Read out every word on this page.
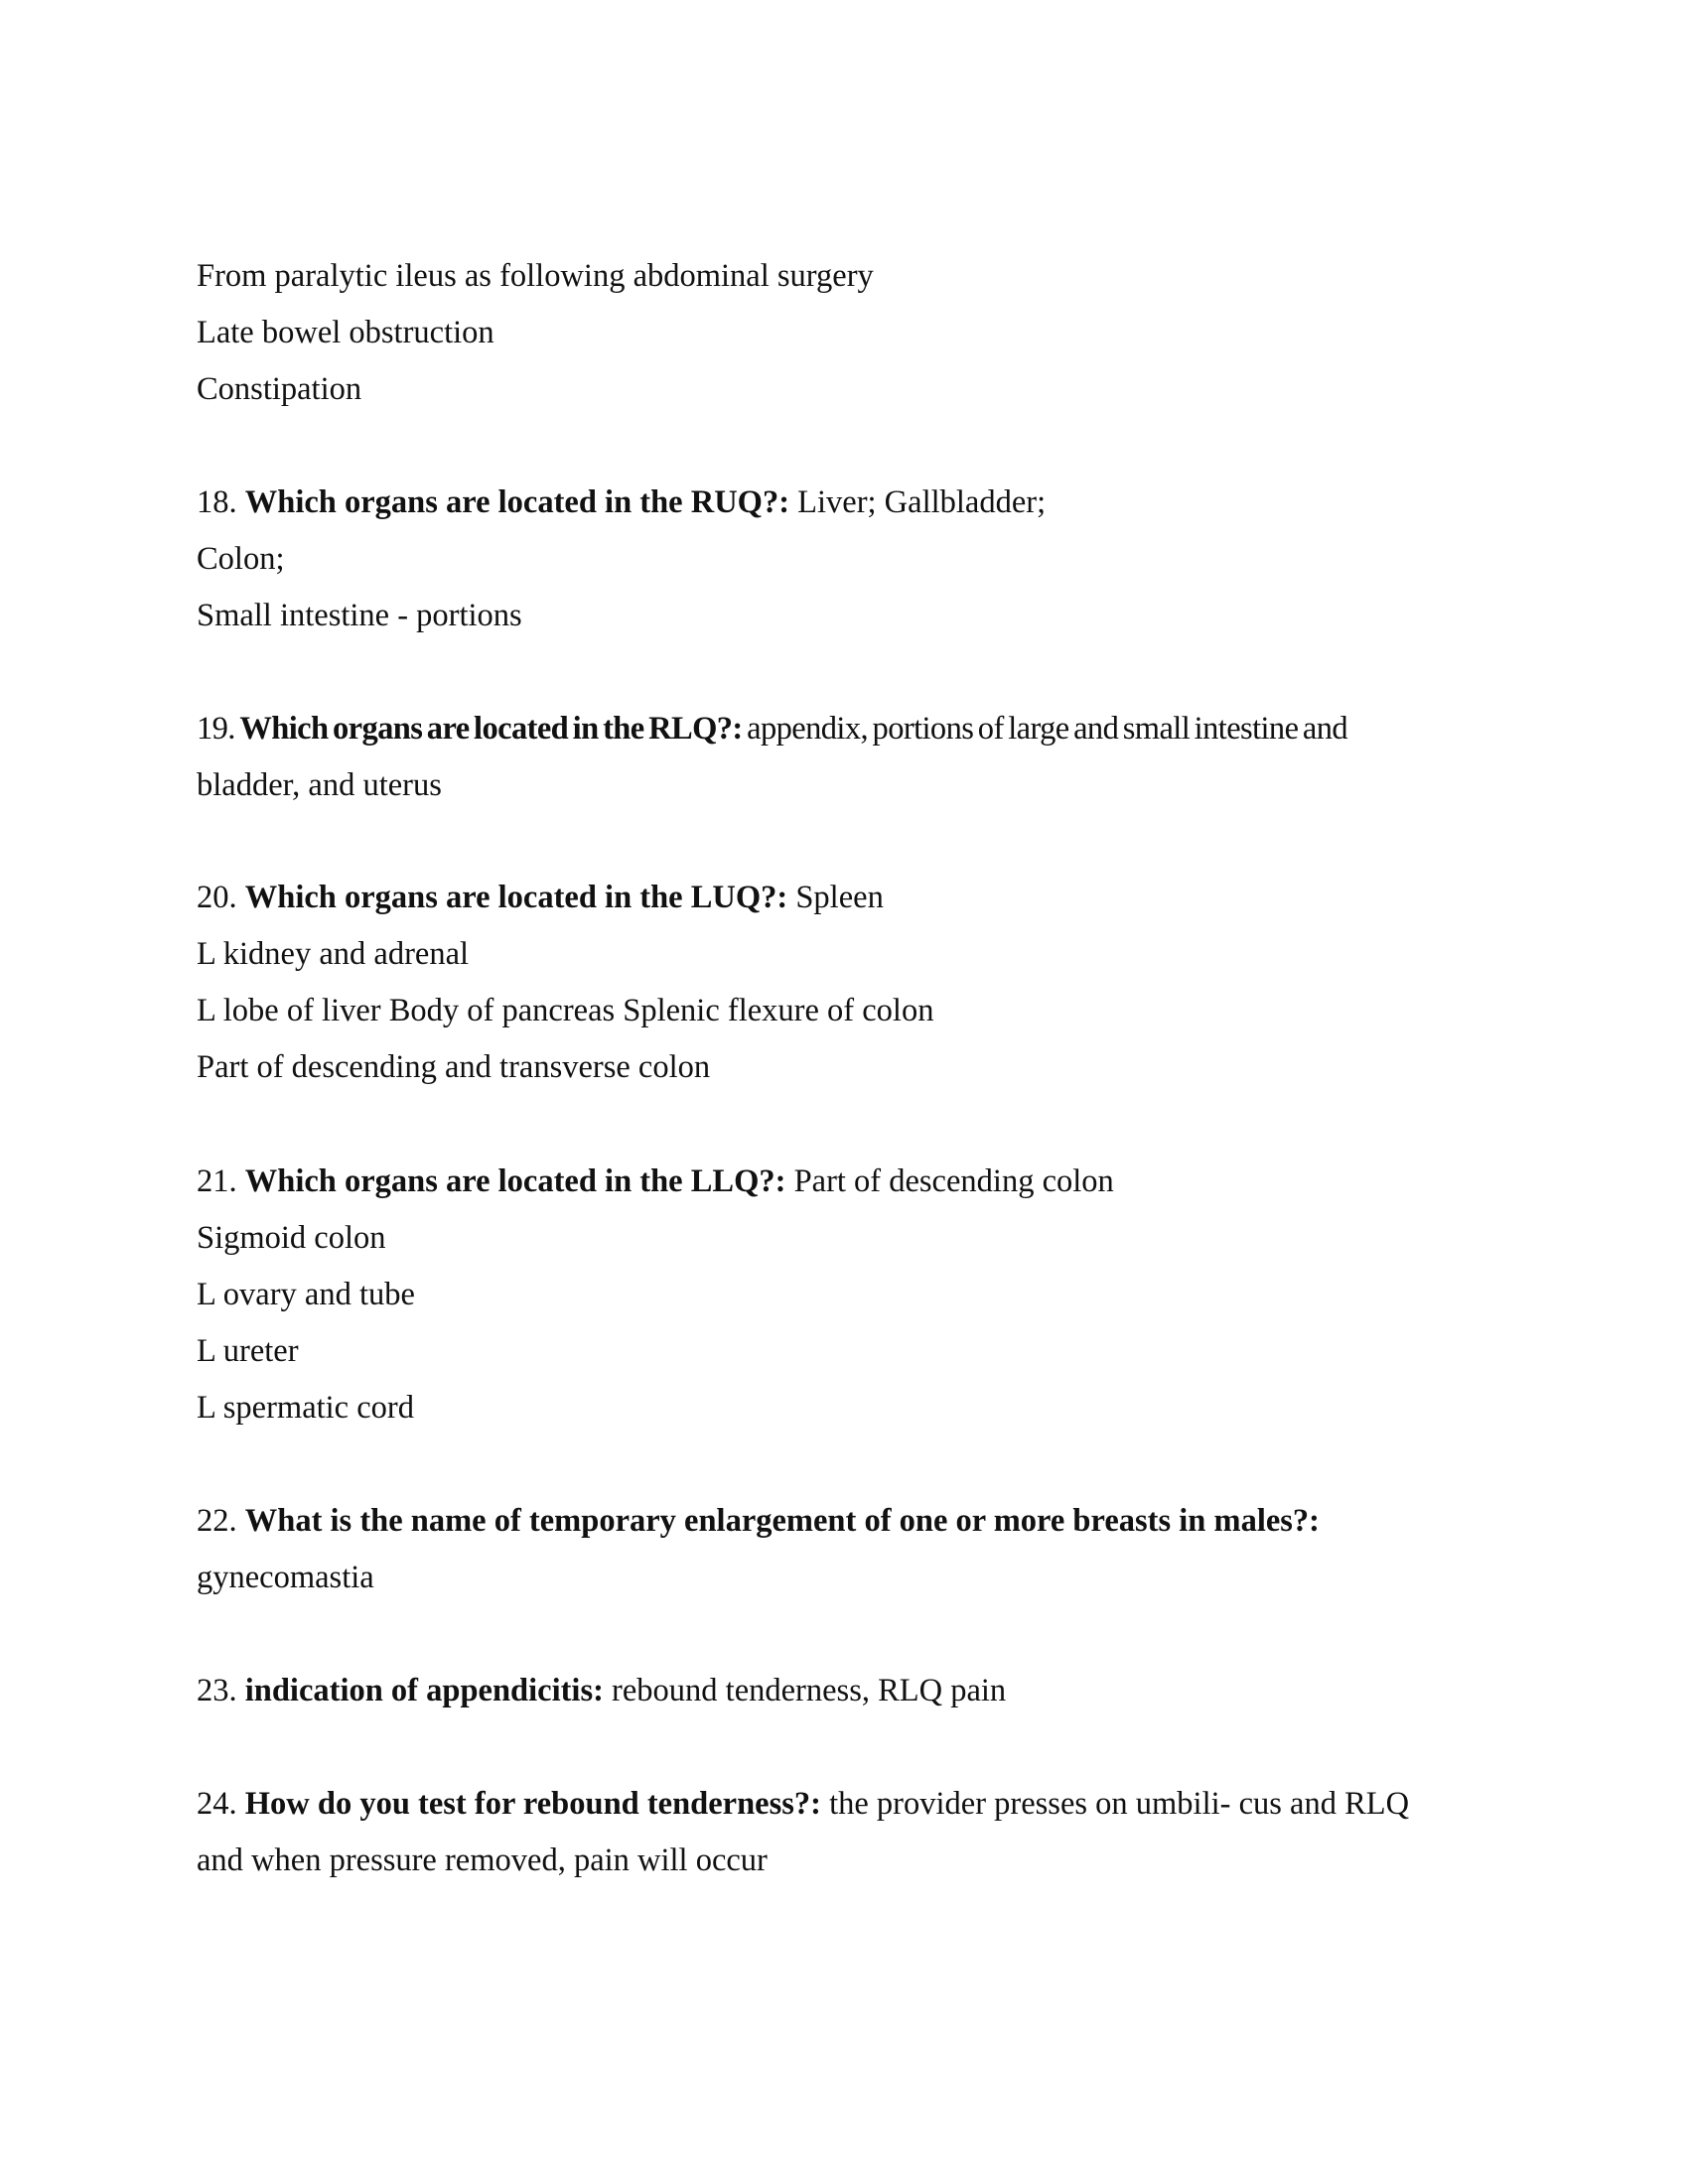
From paralytic ileus as following abdominal surgery

Late bowel obstruction

Constipation

18. Which organs are located in the RUQ?: Liver; Gallbladder;

Colon;

Small intestine - portions

19. Which organs are located in the RLQ?: appendix, portions of large and small intestine and

bladder, and uterus

20. Which organs are located in the LUQ?: Spleen

L kidney and adrenal

L lobe of liver Body of pancreas Splenic flexure of colon

Part of descending and transverse colon

21. Which organs are located in the LLQ?: Part of descending colon

Sigmoid colon

L ovary and tube

L ureter

L spermatic cord

22. What is the name of temporary enlargement of one or more breasts in males?:

gynecomastia

23. indication of appendicitis: rebound tenderness, RLQ pain

24. How do you test for rebound tenderness?: the provider presses on umbili- cus and RLQ

and when pressure removed, pain will occur
